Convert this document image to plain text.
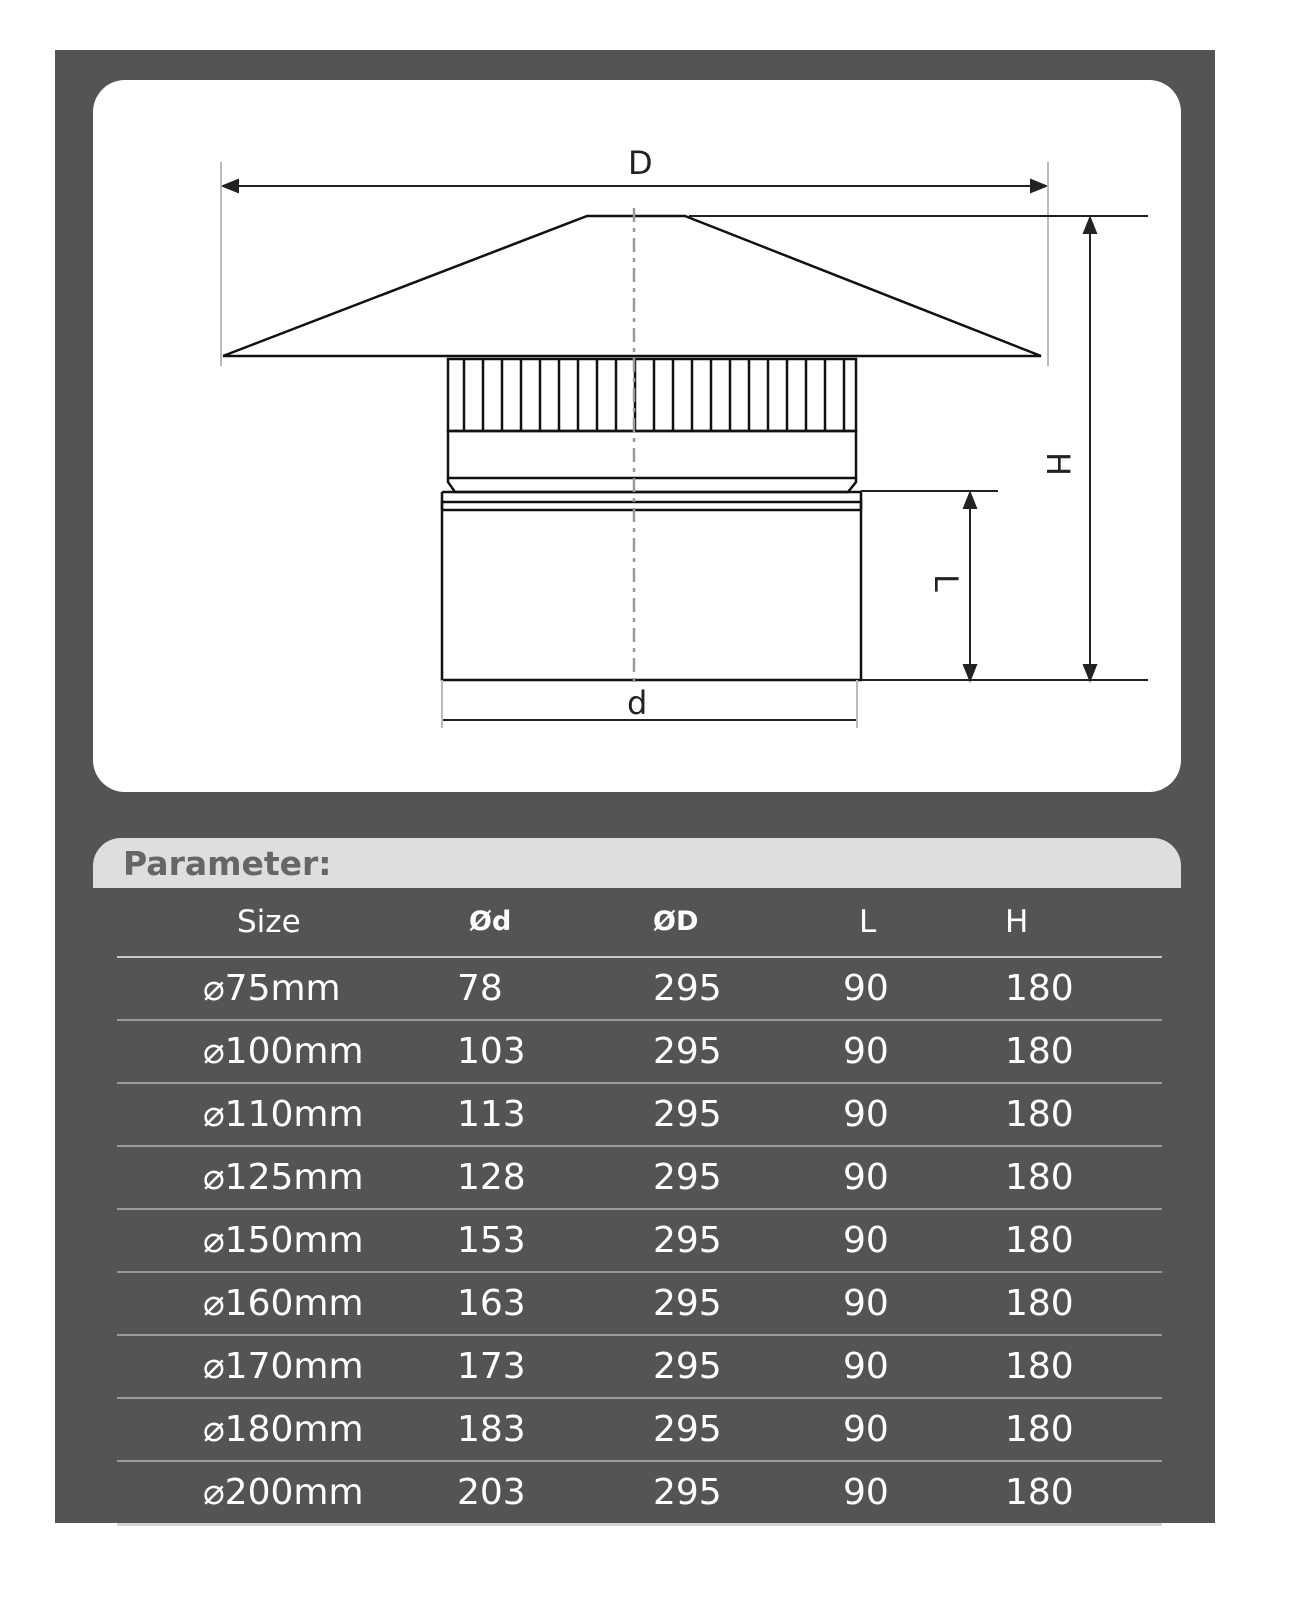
D
d
H
L
Parameter:
Size	Ød	ØD	L	H
⌀75mm	78	295	90	180
⌀100mm	103	295	90	180
⌀110mm	113	295	90	180
⌀125mm	128	295	90	180
⌀150mm	153	295	90	180
⌀160mm	163	295	90	180
⌀170mm	173	295	90	180
⌀180mm	183	295	90	180
⌀200mm	203	295	90	180
